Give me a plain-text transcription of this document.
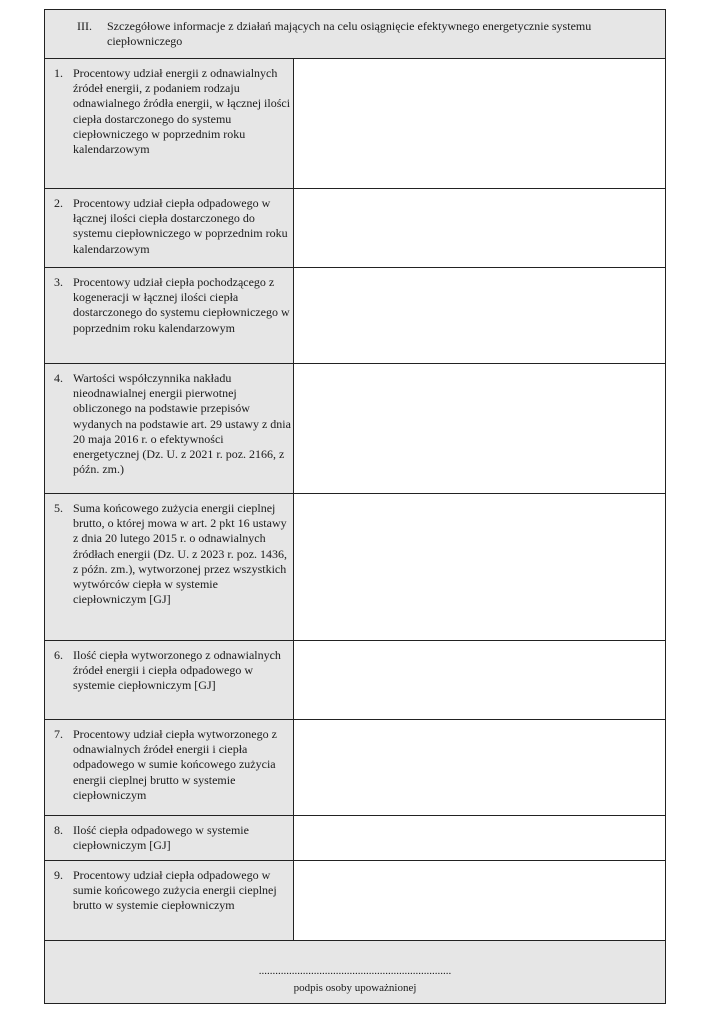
III. Szczegółowe informacje z działań mających na celu osiągnięcie efektywnego energetycznie systemu ciepłowniczego
1. Procentowy udział energii z odnawialnych źródeł energii, z podaniem rodzaju odnawialnego źródła energii, w łącznej ilości ciepła dostarczonego do systemu ciepłowniczego w poprzednim roku kalendarzowym
2. Procentowy udział ciepła odpadowego w łącznej ilości ciepła dostarczonego do systemu ciepłowniczego w poprzednim roku kalendarzowym
3. Procentowy udział ciepła pochodzącego z kogeneracji w łącznej ilości ciepła dostarczonego do systemu ciepłowniczego w poprzednim roku kalendarzowym
4. Wartości współczynnika nakładu nieodnawialnej energii pierwotnej obliczonego na podstawie przepisów wydanych na podstawie art. 29 ustawy z dnia 20 maja 2016 r. o efektywności energetycznej (Dz. U. z 2021 r. poz. 2166, z późn. zm.)
5. Suma końcowego zużycia energii cieplnej brutto, o której mowa w art. 2 pkt 16 ustawy z dnia 20 lutego 2015 r. o odnawialnych źródłach energii (Dz. U. z 2023 r. poz. 1436, z późn. zm.), wytworzonej przez wszystkich wytwórców ciepła w systemie ciepłowniczym [GJ]
6. Ilość ciepła wytworzonego z odnawialnych źródeł energii i ciepła odpadowego w systemie ciepłowniczym [GJ]
7. Procentowy udział ciepła wytworzonego z odnawialnych źródeł energii i ciepła odpadowego w sumie końcowego zużycia energii cieplnej brutto w systemie ciepłowniczym
8. Ilość ciepła odpadowego w systemie ciepłowniczym [GJ]
9. Procentowy udział ciepła odpadowego w sumie końcowego zużycia energii cieplnej brutto w systemie ciepłowniczym
......................................................................
podpis osoby upoważnionej
